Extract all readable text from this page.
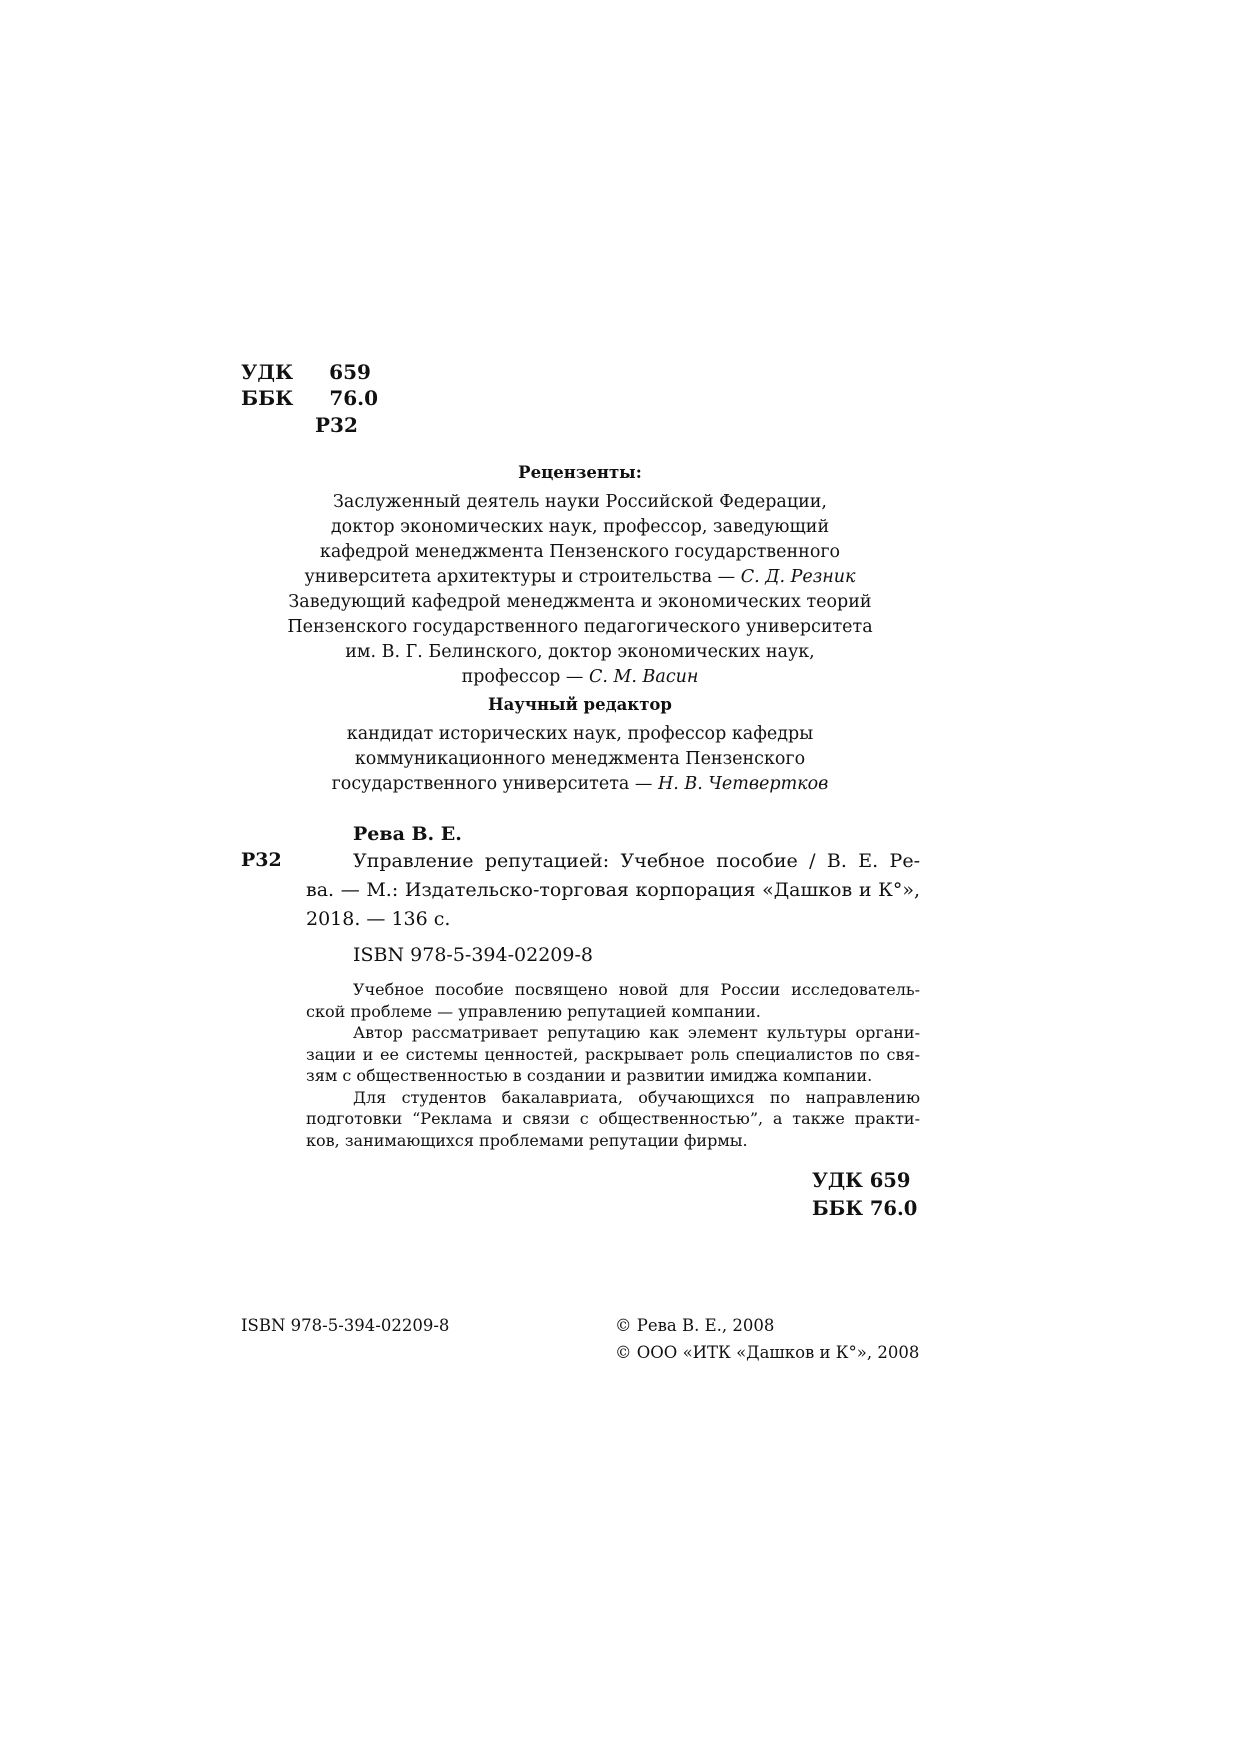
УДК 659
ББК 76.0
Р32
Рецензенты:
Заслуженный деятель науки Российской Федерации,
доктор экономических наук, профессор, заведующий
кафедрой менеджмента Пензенского государственного
университета архитектуры и строительства — С. Д. Резник
Заведующий кафедрой менеджмента и экономических теорий
Пензенского государственного педагогического университета
им. В. Г. Белинского, доктор экономических наук,
профессор — С. М. Васин
Научный редактор
кандидат исторических наук, профессор кафедры
коммуникационного менеджмента Пензенского
государственного университета — Н. В. Четвертков
Рева В. Е.
Р32	Управление репутацией: Учебное пособие / В. Е. Ре-
ва. — М.: Издательско-торговая корпорация «Дашков и К°»,
2018. — 136 с.
ISBN 978-5-394-02209-8
Учебное пособие посвящено новой для России исследователь-
ской проблеме — управлению репутацией компании.
Автор рассматривает репутацию как элемент культуры органи-
зации и ее системы ценностей, раскрывает роль специалистов по свя-
зям с общественностью в создании и развитии имиджа компании.
Для студентов бакалавриата, обучающихся по направлению
подготовки “Реклама и связи с общественностью”, а также практи-
ков, занимающихся проблемами репутации фирмы.
УДК 659
ББК 76.0
ISBN 978-5-394-02209-8	© Рева В. Е., 2008
© ООО «ИТК «Дашков и К°», 2008
